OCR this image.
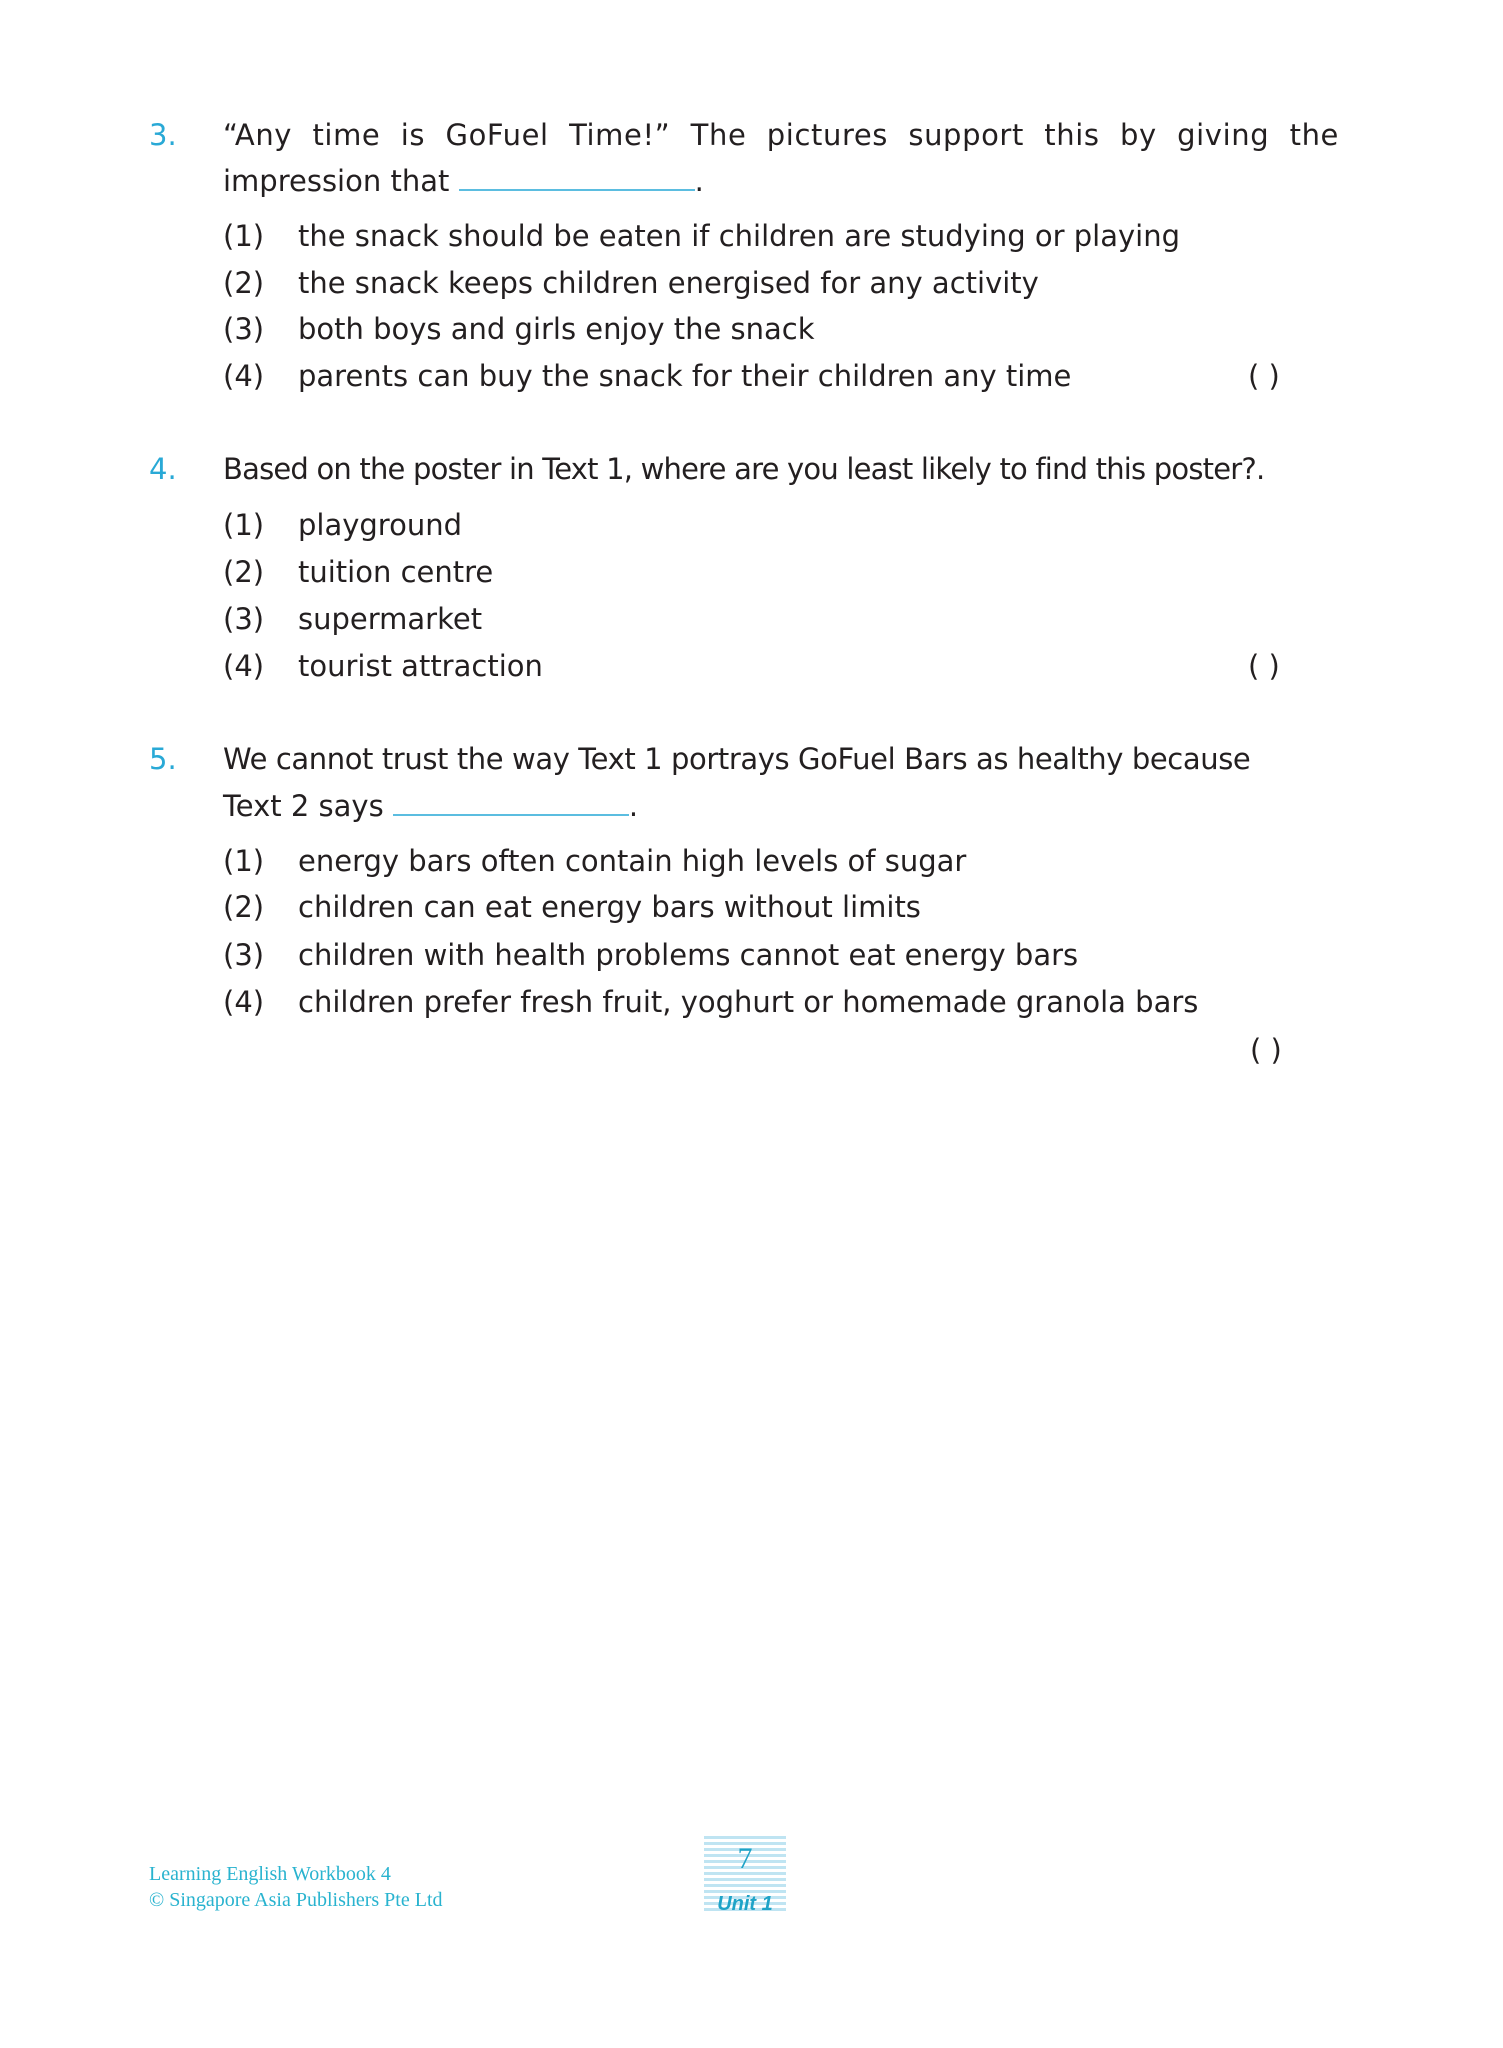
3. “Any time is GoFuel Time!” The pictures support this by giving the
impression that	.
(1) the snack should be eaten if children are studying or playing
(2) the snack keeps children energised for any activity
(3) both boys and girls enjoy the snack
(4) parents can buy the snack for their children any time	( )
4. Based on the poster in Text 1, where are you least likely to find this poster?.
(1) playground
(2) tuition centre
(3) supermarket
(4) tourist attraction	( )
5. We cannot trust the way Text 1 portrays GoFuel Bars as healthy because
Text 2 says	.
(1) energy bars often contain high levels of sugar
(2) children can eat energy bars without limits
(3) children with health problems cannot eat energy bars
(4) children prefer fresh fruit, yoghurt or homemade granola bars
( )
Learning English Workbook 4
© Singapore Asia Publishers Pte Ltd
7
Unit 1
